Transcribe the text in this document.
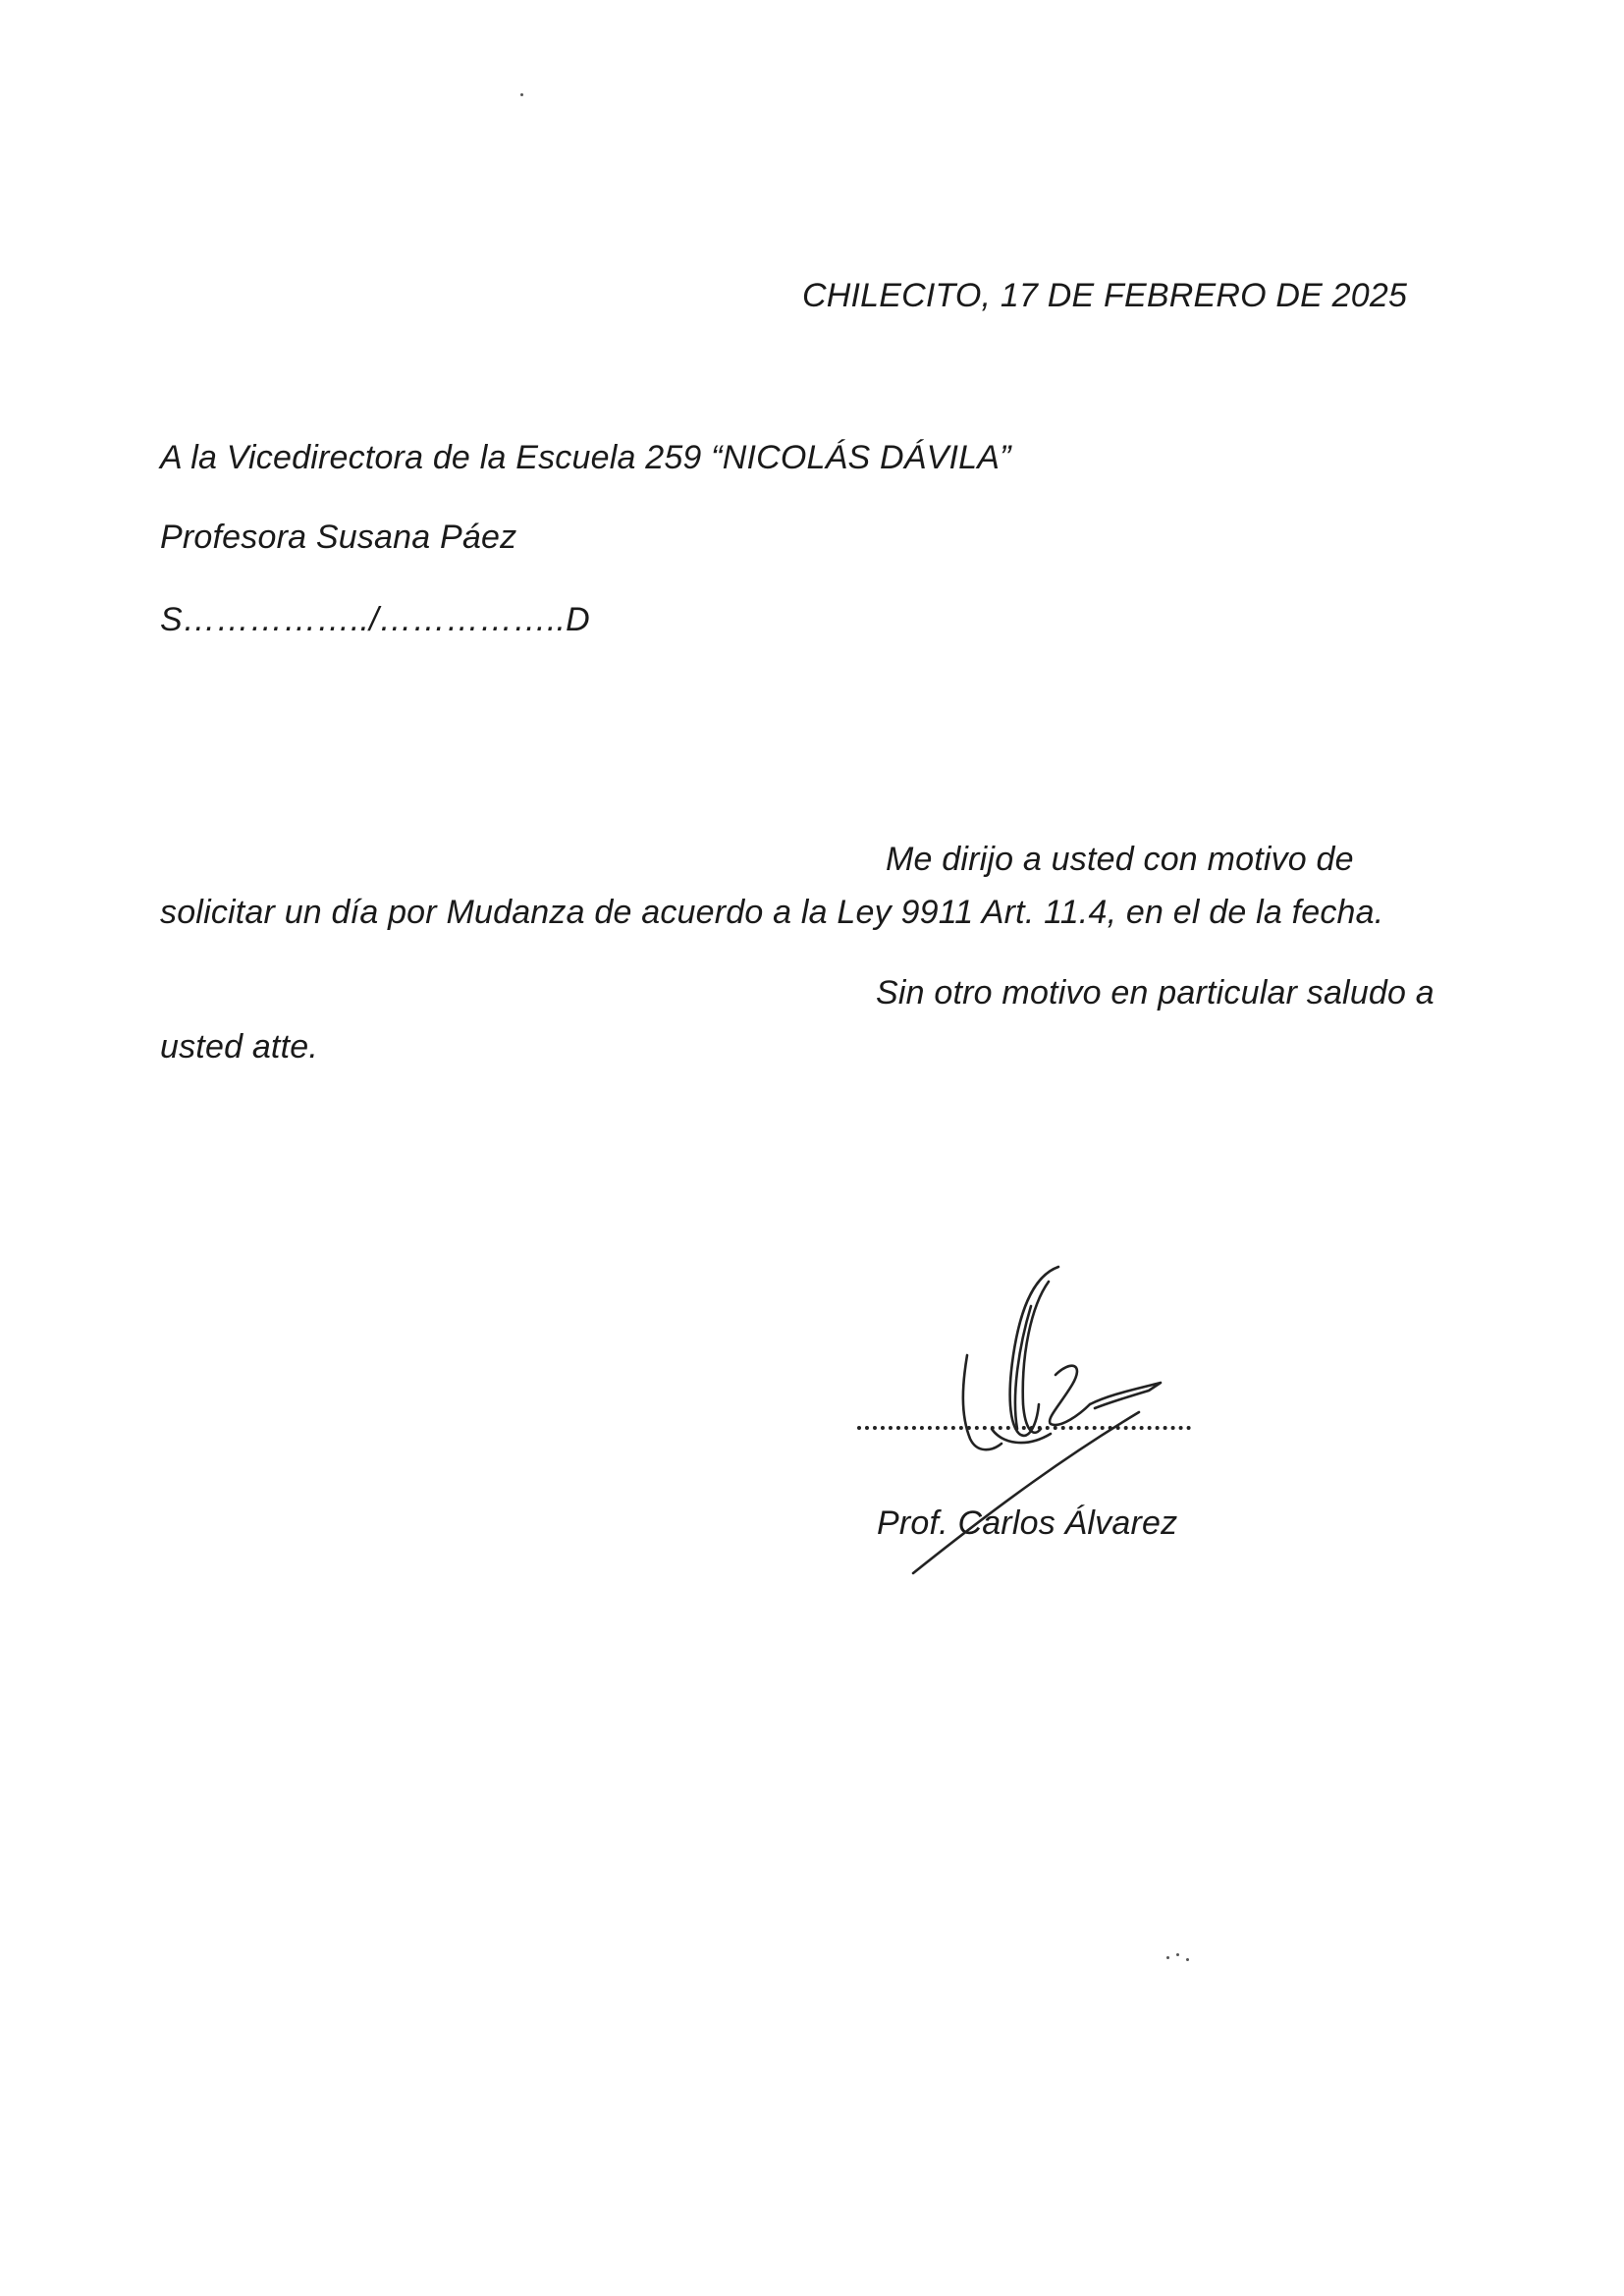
CHILECITO, 17 DE FEBRERO DE 2025
A la Vicedirectora de la Escuela 259 “NICOLÁS DÁVILA”
Profesora Susana Páez
S……………../……………..D
Me dirijo a usted con motivo de
solicitar un día por Mudanza de acuerdo a la Ley 9911 Art. 11.4, en el de la fecha.
Sin otro motivo en particular saludo a
usted atte.
Prof. Carlos Álvarez
